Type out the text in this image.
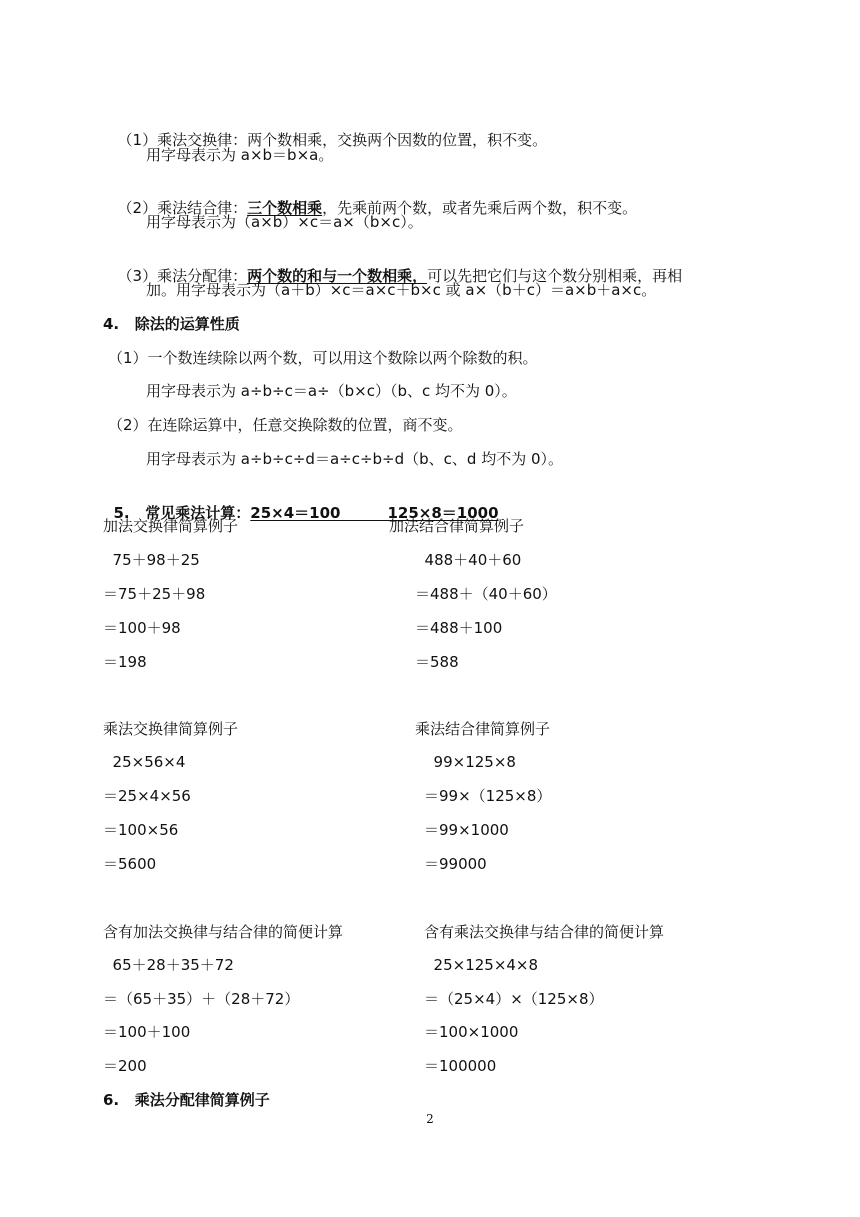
（1）乘法交换律：两个数相乘，交换两个因数的位置，积不变。

用字母表示为 a×b＝b×a。

（2）乘法结合律：三个数相乘，先乘前两个数，或者先乘后两个数，积不变。

用字母表示为（a×b）×c＝a×（b×c）。

（3）乘法分配律：两个数的和与一个数相乘，可以先把它们与这个数分别相乘，再相

加。用字母表示为（a＋b）×c＝a×c＋b×c 或 a×（b＋c）＝a×b＋a×c。
4.   除法的运算性质
（1）一个数连续除以两个数，可以用这个数除以两个除数的积。
用字母表示为 a÷b÷c＝a÷（b×c）（b、c 均不为 0）。
（2）在连除运算中，任意交换除数的位置，商不变。
用字母表示为 a÷b÷c÷d＝a÷c÷b÷d（b、c、d 均不为 0）。

5.   常见乘法计算：25×4＝100	125×8＝1000

加法交换律简算例子
75＋98＋25
＝75＋25＋98
＝100＋98
＝198
加法结合律简算例子
488＋40＋60
＝488＋（40＋60）
＝488＋100
＝588
乘法交换律简算例子
25×56×4
＝25×4×56
＝100×56
＝5600
乘法结合律简算例子
99×125×8
＝99×（125×8）
＝99×1000
＝99000
含有加法交换律与结合律的简便计算
65＋28＋35＋72
＝（65＋35）＋（28＋72）
＝100＋100
＝200
含有乘法交换律与结合律的简便计算
25×125×4×8
＝（25×4）×（125×8）
＝100×1000
＝100000
6.   乘法分配律简算例子
2
